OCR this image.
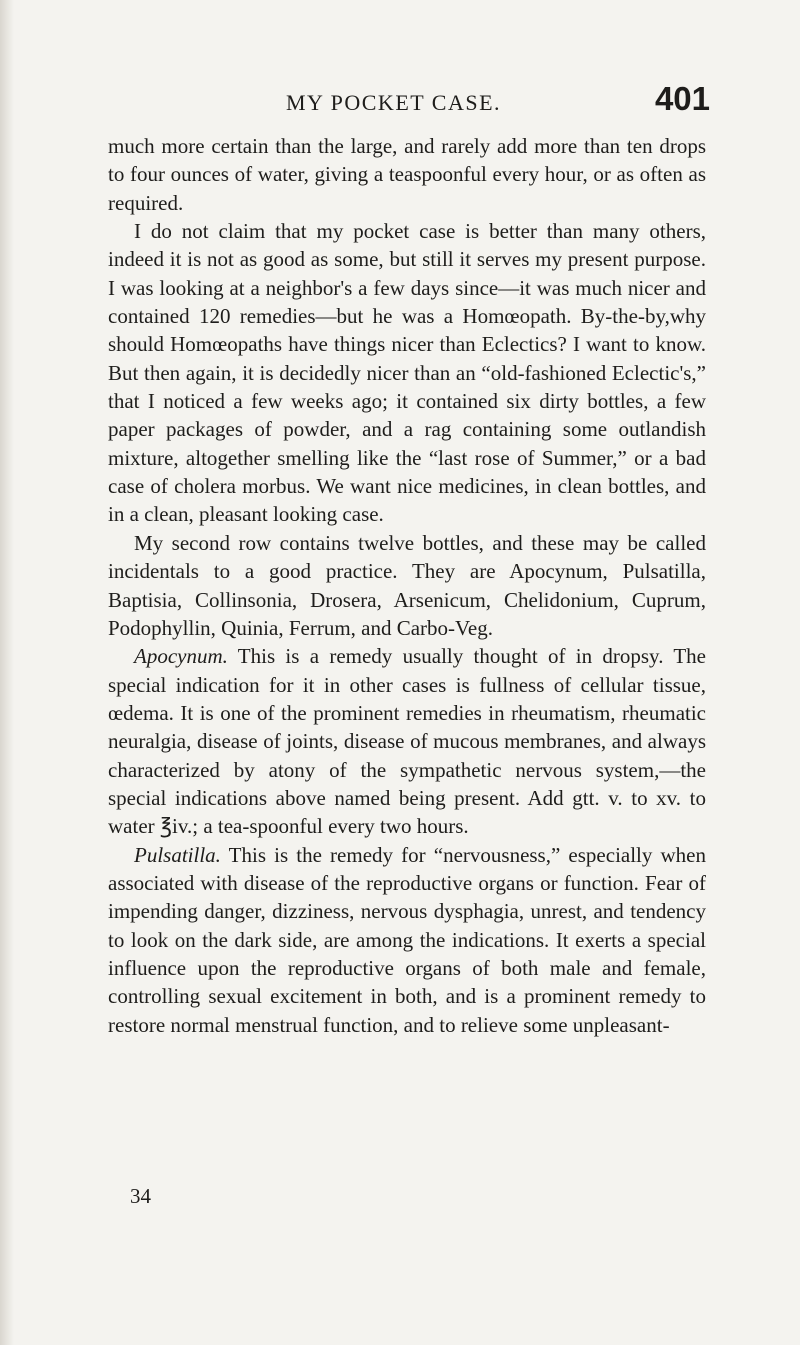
MY POCKET CASE.	401

much more certain than the large, and rarely add more than ten drops to four ounces of water, giving a teaspoonful every hour, or as often as required.

I do not claim that my pocket case is better than many others, indeed it is not as good as some, but still it serves my present purpose. I was looking at a neighbor's a few days since—it was much nicer and contained 120 remedies—but he was a Homœopath. By-the-by,why should Homœopaths have things nicer than Eclectics? I want to know. But then again, it is decidedly nicer than an “old-fashioned Eclectic's,” that I noticed a few weeks ago; it contained six dirty bottles, a few paper packages of powder, and a rag containing some outlandish mixture, altogether smelling like the “last rose of Summer,” or a bad case of cholera morbus. We want nice medicines, in clean bottles, and in a clean, pleasant looking case.

My second row contains twelve bottles, and these may be called incidentals to a good practice. They are Apocynum, Pulsatilla, Baptisia, Collinsonia, Drosera, Arsenicum, Chelidonium, Cuprum, Podophyllin, Quinia, Ferrum, and Carbo-Veg.

Apocynum. This is a remedy usually thought of in dropsy. The special indication for it in other cases is fullness of cellular tissue, œdema. It is one of the prominent remedies in rheumatism, rheumatic neuralgia, disease of joints, disease of mucous membranes, and always characterized by atony of the sympathetic nervous system,—the special indications above named being present. Add gtt. v. to xv. to water ℥iv.; a tea-spoonful every two hours.

Pulsatilla. This is the remedy for “nervousness,” especially when associated with disease of the reproductive organs or function. Fear of impending danger, dizziness, nervous dysphagia, unrest, and tendency to look on the dark side, are among the indications. It exerts a special influence upon the reproductive organs of both male and female, controlling sexual excitement in both, and is a prominent remedy to restore normal menstrual function, and to relieve some unpleasant-

34
